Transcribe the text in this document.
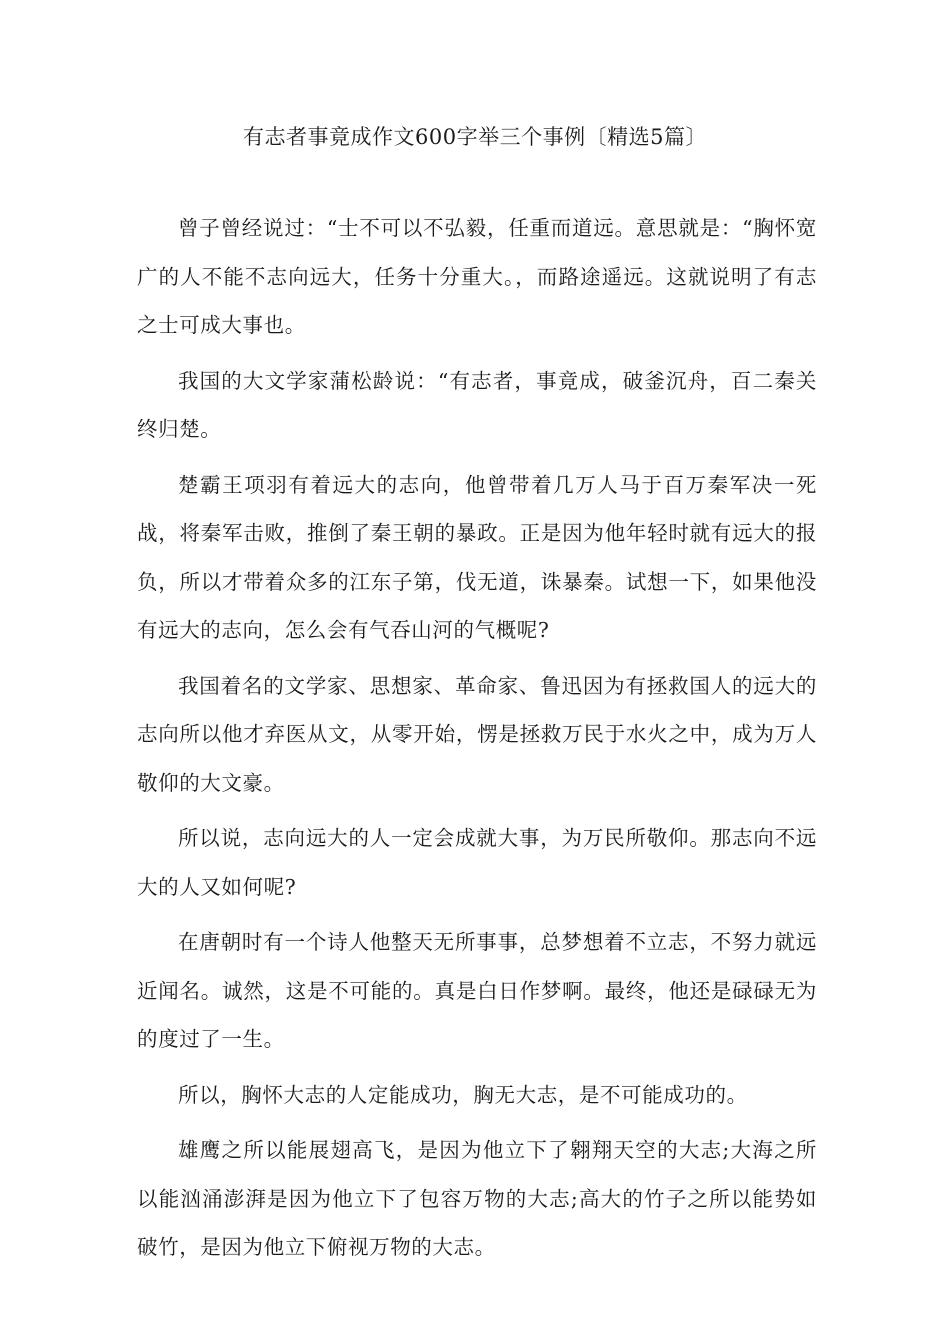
有志者事竟成作文600字举三个事例〔精选5篇〕

曾子曾经说过：“士不可以不弘毅，任重而道远。意思就是：“胸怀宽广的人不能不志向远大，任务十分重大。，而路途遥远。这就说明了有志之士可成大事也。

我国的大文学家蒲松龄说：“有志者，事竟成，破釜沉舟，百二秦关终归楚。

楚霸王项羽有着远大的志向，他曾带着几万人马于百万秦军决一死战，将秦军击败，推倒了秦王朝的暴政。正是因为他年轻时就有远大的报负，所以才带着众多的江东子第，伐无道，诛暴秦。试想一下，如果他没有远大的志向，怎么会有气吞山河的气概呢?

我国着名的文学家、思想家、革命家、鲁迅因为有拯救国人的远大的志向所以他才弃医从文，从零开始，愣是拯救万民于水火之中，成为万人敬仰的大文豪。

所以说，志向远大的人一定会成就大事，为万民所敬仰。那志向不远大的人又如何呢?

在唐朝时有一个诗人他整天无所事事，总梦想着不立志，不努力就远近闻名。诚然，这是不可能的。真是白日作梦啊。最终，他还是碌碌无为的度过了一生。

所以，胸怀大志的人定能成功，胸无大志，是不可能成功的。

雄鹰之所以能展翅高飞，是因为他立下了翱翔天空的大志;大海之所以能汹涌澎湃是因为他立下了包容万物的大志;高大的竹子之所以能势如破竹，是因为他立下俯视万物的大志。
